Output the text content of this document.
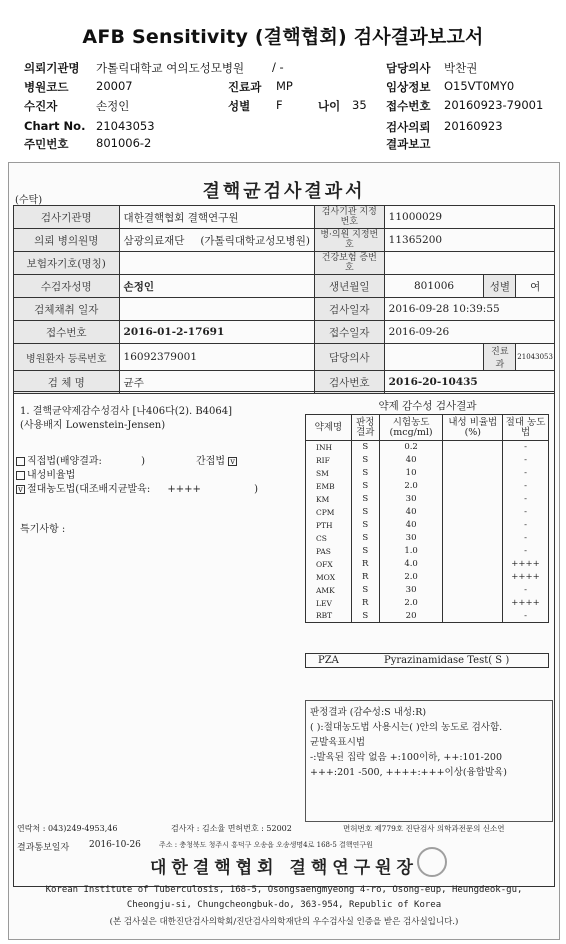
AFB Sensitivity (결핵협회) 검사결과보고서
의뢰기관명 가톨릭대학교 여의도성모병원 / -
병원코드 20007
수진자	손정인
Chart No. 21043053
주민번호 801006-2
진료과 MP
성별 F	나이 35
담당의사 박찬권
임상정보 O15VT0MY0
접수번호 20160923-79001
검사의뢰 20160923
결과보고
(수탁)	결핵균검사결과서
검사기관명	대한결핵협회 결핵연구원	검사기관 지정번호	11000029		
의뢰 병의원명	삼광의료재단 (가톨릭대학교성모병원)	병·의원 지정번호	11365200		
보험자기호(명칭)		건강보험 증번호			
수검자성명	손정인	생년월일	801006	성별	여
검체채취 일자		검사일자	2016-09-28 10:39:55		
접수번호	2016-01-2-17691	접수일자	2016-09-26		
병원환자 등록번호	16092379001	담당의사		진료과	21043053
검 체 명	균주	검사번호	2016-20-10435		
1. 결핵균약제감수성검사 [나406다(2). B4064]
(사용배지 Lowenstein-Jensen)
직접법(배양결과:	)	간접법 v
내성비율법
v 절대농도법(대조배지균발육: ++++	)
특기사항 :
약제 감수성 검사결과
약제명	판정 결과	시험농도 (mcg/ml)	내성 비율법(%)	절대 농도법
INH	S	0.2		-
RIF	S	40		-
SM	S	10		-
EMB	S	2.0		-
KM	S	30		-
CPM	S	40		-
PTH	S	40		-
CS	S	30		-
PAS	S	1.0		-
OFX	R	4.0		++++
MOX	R	2.0		++++
AMK	S	30		-
LEV	R	2.0		++++
RBT	S	20		-
PZA	Pyrazinamidase Test( S )
판정결과 (감수성:S 내성:R)
( ):절대농도법 사용시는( )안의 농도로 검사함.
균발육표시법
-:발육된 집락 없음 +:100이하, ++:101-200
+++:201 -500, ++++:+++이상(융합발육)
연락처 : 043)249-4953,46	검사자 : 김소율 면허번호 : 52002	면허번호 제779호 진단검사 의학과전문의 신소연
결과통보일자 2016-10-26	주소 : 충청북도 청주시 흥덕구 오송읍 오송생명4로 168-5 결핵연구원
대한결핵협회 결핵연구원장
Korean Institute of Tuberculosis, 168-5, Osongsaengmyeong 4-ro, Osong-eup, Heungdeok-gu,
Cheongju-si, Chungcheongbuk-do, 363-954, Republic of Korea
(본 검사실은 대한진단검사의학회/진단검사의학재단의 우수검사실 인증을 받은 검사실입니다.)
